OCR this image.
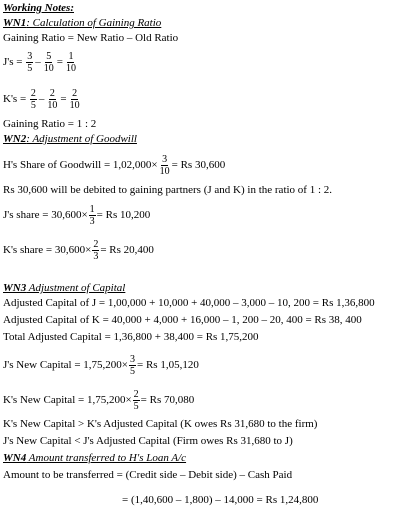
Working Notes:
WN1: Calculation of Gaining Ratio
Gaining Ratio = New Ratio – Old Ratio
$J's = \frac{3}{5} - \frac{5}{10} = \frac{1}{10}$
$K's = \frac{2}{5} - \frac{2}{10} = \frac{2}{10}$
Gaining Ratio = 1 : 2
WN2: Adjustment of Goodwill
H's Share of Goodwill = $1,02,000\times \frac{3}{10} = Rs$ 30,600
Rs 30,600 will be debited to gaining partners (J and K) in the ratio of 1 : 2.
J's share = $30,600\times \frac{1}{3} = Rs$ 10,200
K's share = $30,600\times \frac{2}{3} = Rs$ 20,400
WN3 Adjustment of Capital
Adjusted Capital of J = 1,00,000 + 10,000 + 40,000 – 3,000 – 10, 200 = Rs 1,36,800
Adjusted Capital of K = 40,000 + 4,000 + 16,000 – 1, 200 – 20, 400 = Rs 38, 400
Total Adjusted Capital = 1,36,800 + 38,400 = Rs 1,75,200
J's New Capital = $1,75,200\times \frac{3}{5} = Rs$ 1,05,120
K's New Capital = $1,75,200\times \frac{2}{5} = Rs$ 70,080
K's New Capital > K's Adjusted Capital (K owes Rs 31,680 to the firm)
J's New Capital < J's Adjusted Capital (Firm owes Rs 31,680 to J)
WN4 Amount transferred to H's Loan A/c
Amount to be transferred = (Credit side – Debit side) – Cash Paid
= (1,40,600 – 1,800) – 14,000 = Rs 1,24,800
